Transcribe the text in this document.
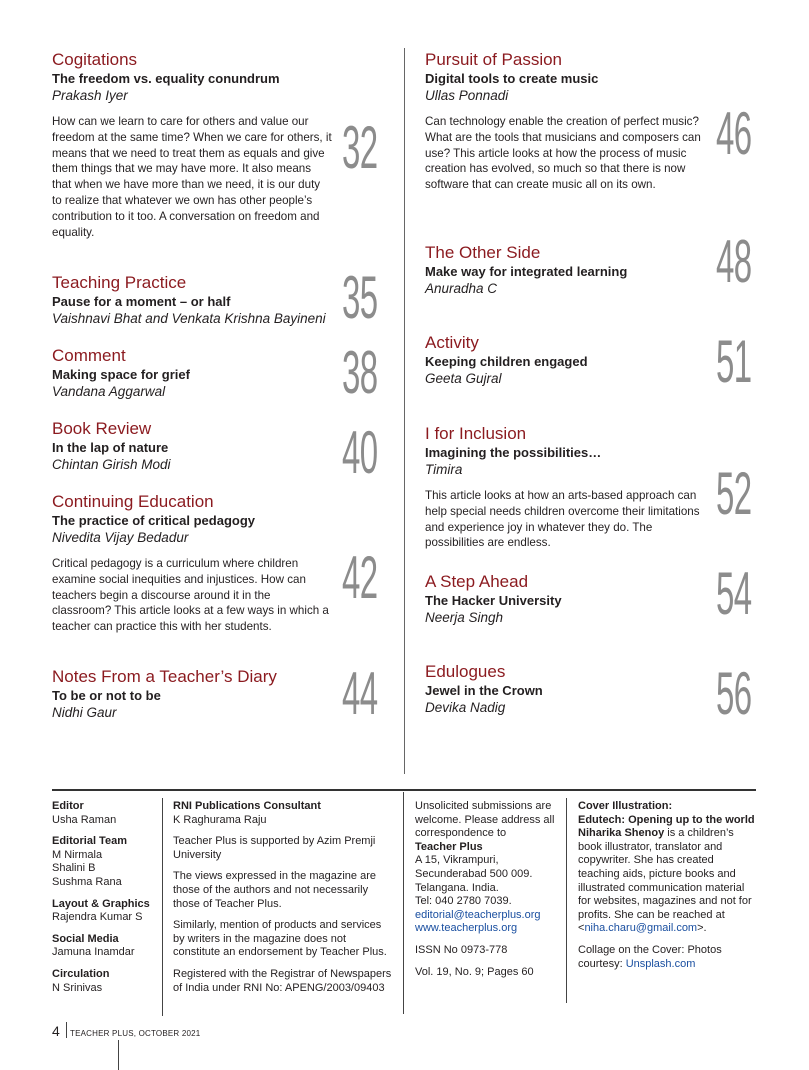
Cogitations

The freedom vs. equality conundrum

Prakash Iyer

How can we learn to care for others and value our freedom at the same time? When we care for others, it means that we need to treat them as equals and give them things that we may have more. It also means that when we have more than we need, it is our duty to realize that whatever we own has other people’s contribution to it too. A conversation on freedom and equality.

32

Teaching Practice

Pause for a moment – or half

Vaishnavi Bhat and Venkata Krishna Bayineni 35

Comment

Making space for grief

Vandana Aggarwal	38

Book Review

In the lap of nature

Chintan Girish Modi	40

Continuing Education

The practice of critical pedagogy

Nivedita Vijay Bedadur

Critical pedagogy is a curriculum where children examine social inequities and injustices. How can teachers begin a discourse around it in the classroom? This article looks at a few ways in which a teacher can practice this with her students.

42

Notes From a Teacher’s Diary

To be or not to be

Nidhi Gaur	44

Pursuit of Passion

Digital tools to create music

Ullas Ponnadi

Can technology enable the creation of perfect music? What are the tools that musicians and composers can use? This article looks at how the process of music creation has evolved, so much so that there is now software that can create music all on its own.

46

The Other Side

Make way for integrated learning

Anuradha C	48

Activity

Keeping children engaged

Geeta Gujral	51

I for Inclusion

Imagining the possibilities…

Timira

This article looks at how an arts-based approach can help special needs children overcome their limitations and experience joy in whatever they do. The possibilities are endless.

52

A Step Ahead

The Hacker University

Neerja Singh	54

Edulogues

Jewel in the Crown

Devika Nadig	56

Editor

Usha Raman

Editorial Team

M Nirmala

Shalini B

Sushma Rana

Layout & Graphics

Rajendra Kumar S

Social Media

Jamuna Inamdar

Circulation

N Srinivas

RNI Publications Consultant

K Raghurama Raju

Teacher Plus is supported by Azim Premji University

The views expressed in the magazine are those of the authors and not necessarily those of Teacher Plus.

Similarly, mention of products and services by writers in the magazine does not constitute an endorsement by Teacher Plus.

Registered with the Registrar of Newspapers of India under RNI No: APENG/2003/09403

Unsolicited submissions are welcome. Please address all correspondence to

Teacher Plus

A 15, Vikrampuri,

Secunderabad 500 009.

Telangana. India.

Tel: 040 2780 7039.

editorial@teacherplus.org

www.teacherplus.org

ISSN No 0973-778

Vol. 19, No. 9; Pages 60

Cover Illustration:

Edutech: Opening up to the world

Niharika Shenoy is a children’s book illustrator, translator and copywriter. She has created teaching aids, picture books and illustrated communication material for websites, magazines and not for profits. She can be reached at <niha.charu@gmail.com>.

Collage on the Cover: Photos courtesy: Unsplash.com

4 TEACHER PLUS, OCTOBER 2021
